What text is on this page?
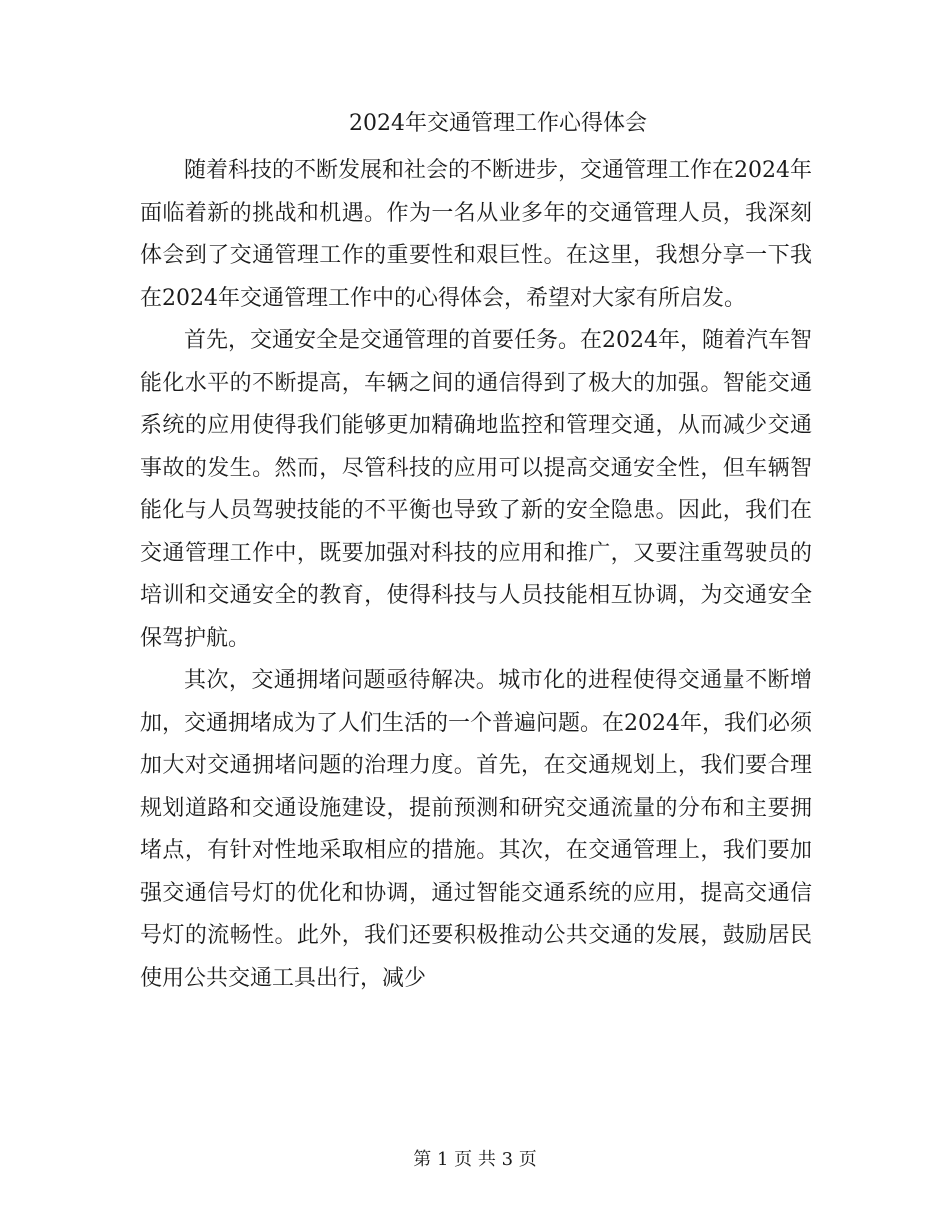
2024年交通管理工作心得体会

随着科技的不断发展和社会的不断进步，交通管理工作在2024年面临着新的挑战和机遇。作为一名从业多年的交通管理人员，我深刻体会到了交通管理工作的重要性和艰巨性。在这里，我想分享一下我在2024年交通管理工作中的心得体会，希望对大家有所启发。

首先，交通安全是交通管理的首要任务。在2024年，随着汽车智能化水平的不断提高，车辆之间的通信得到了极大的加强。智能交通系统的应用使得我们能够更加精确地监控和管理交通，从而减少交通事故的发生。然而，尽管科技的应用可以提高交通安全性，但车辆智能化与人员驾驶技能的不平衡也导致了新的安全隐患。因此，我们在交通管理工作中，既要加强对科技的应用和推广，又要注重驾驶员的培训和交通安全的教育，使得科技与人员技能相互协调，为交通安全保驾护航。

其次，交通拥堵问题亟待解决。城市化的进程使得交通量不断增加，交通拥堵成为了人们生活的一个普遍问题。在2024年，我们必须加大对交通拥堵问题的治理力度。首先，在交通规划上，我们要合理规划道路和交通设施建设，提前预测和研究交通流量的分布和主要拥堵点，有针对性地采取相应的措施。其次，在交通管理上，我们要加强交通信号灯的优化和协调，通过智能交通系统的应用，提高交通信号灯的流畅性。此外，我们还要积极推动公共交通的发展，鼓励居民使用公共交通工具出行，减少

第 1 页 共 3 页
